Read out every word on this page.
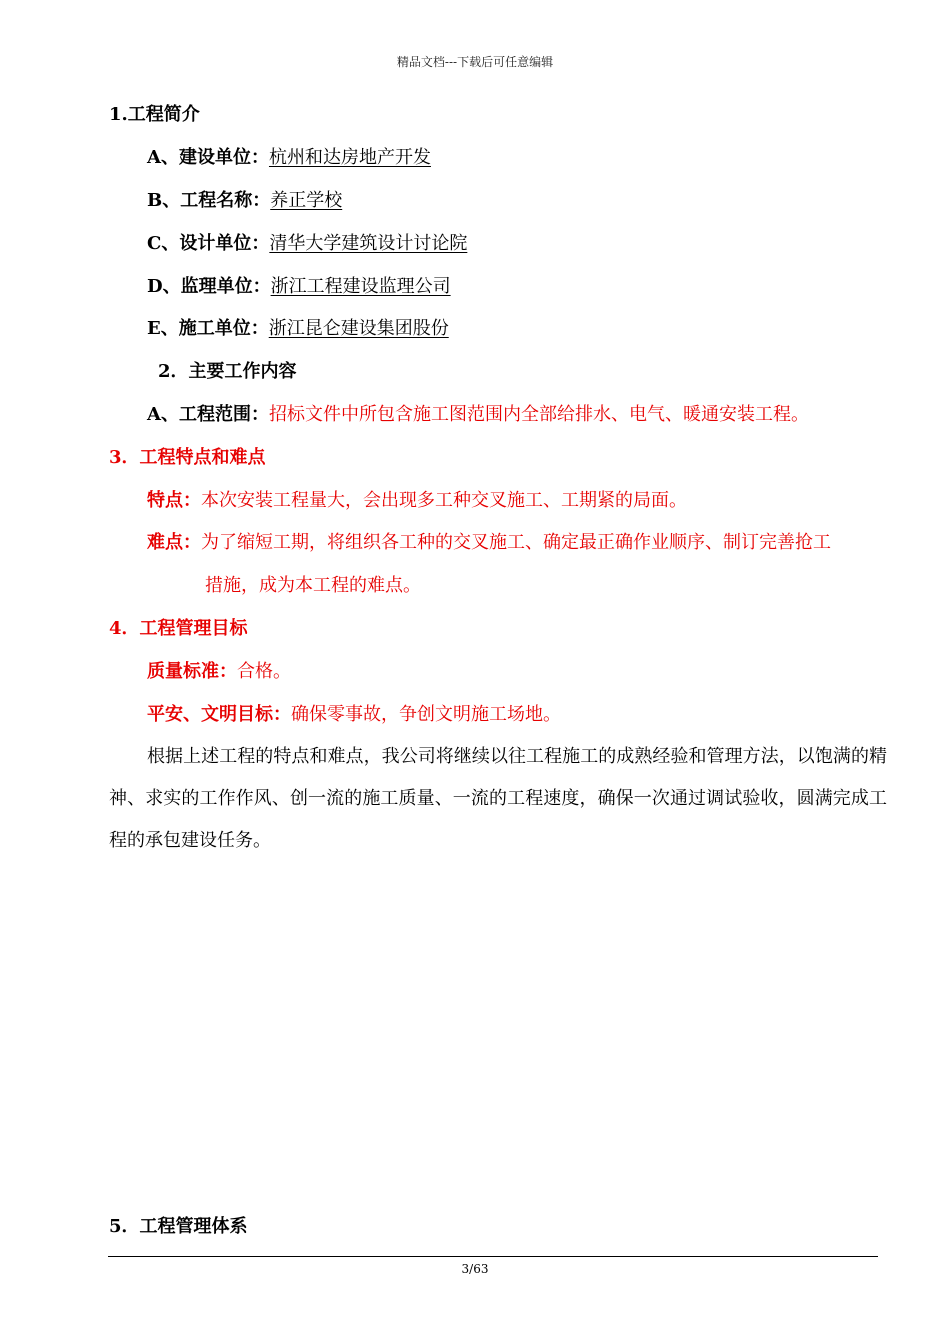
精品文档---下载后可任意编辑
1.工程简介
A、建设单位：杭州和达房地产开发
B、工程名称：养正学校
C、设计单位：清华大学建筑设计讨论院
D、监理单位：浙江工程建设监理公司
E、施工单位：浙江昆仑建设集团股份
2．主要工作内容
A、工程范围：招标文件中所包含施工图范围内全部给排水、电气、暖通安装工程。
3．工程特点和难点
特点：本次安装工程量大，会出现多工种交叉施工、工期紧的局面。
难点：为了缩短工期，将组织各工种的交叉施工、确定最正确作业顺序、制订完善抢工
措施，成为本工程的难点。
4．工程管理目标
质量标准：合格。
平安、文明目标：确保零事故，争创文明施工场地。
根据上述工程的特点和难点，我公司将继续以往工程施工的成熟经验和管理方法，以饱满的精神、求实的工作作风、创一流的施工质量、一流的工程速度，确保一次通过调试验收，圆满完成工程的承包建设任务。
5．工程管理体系
3/63
